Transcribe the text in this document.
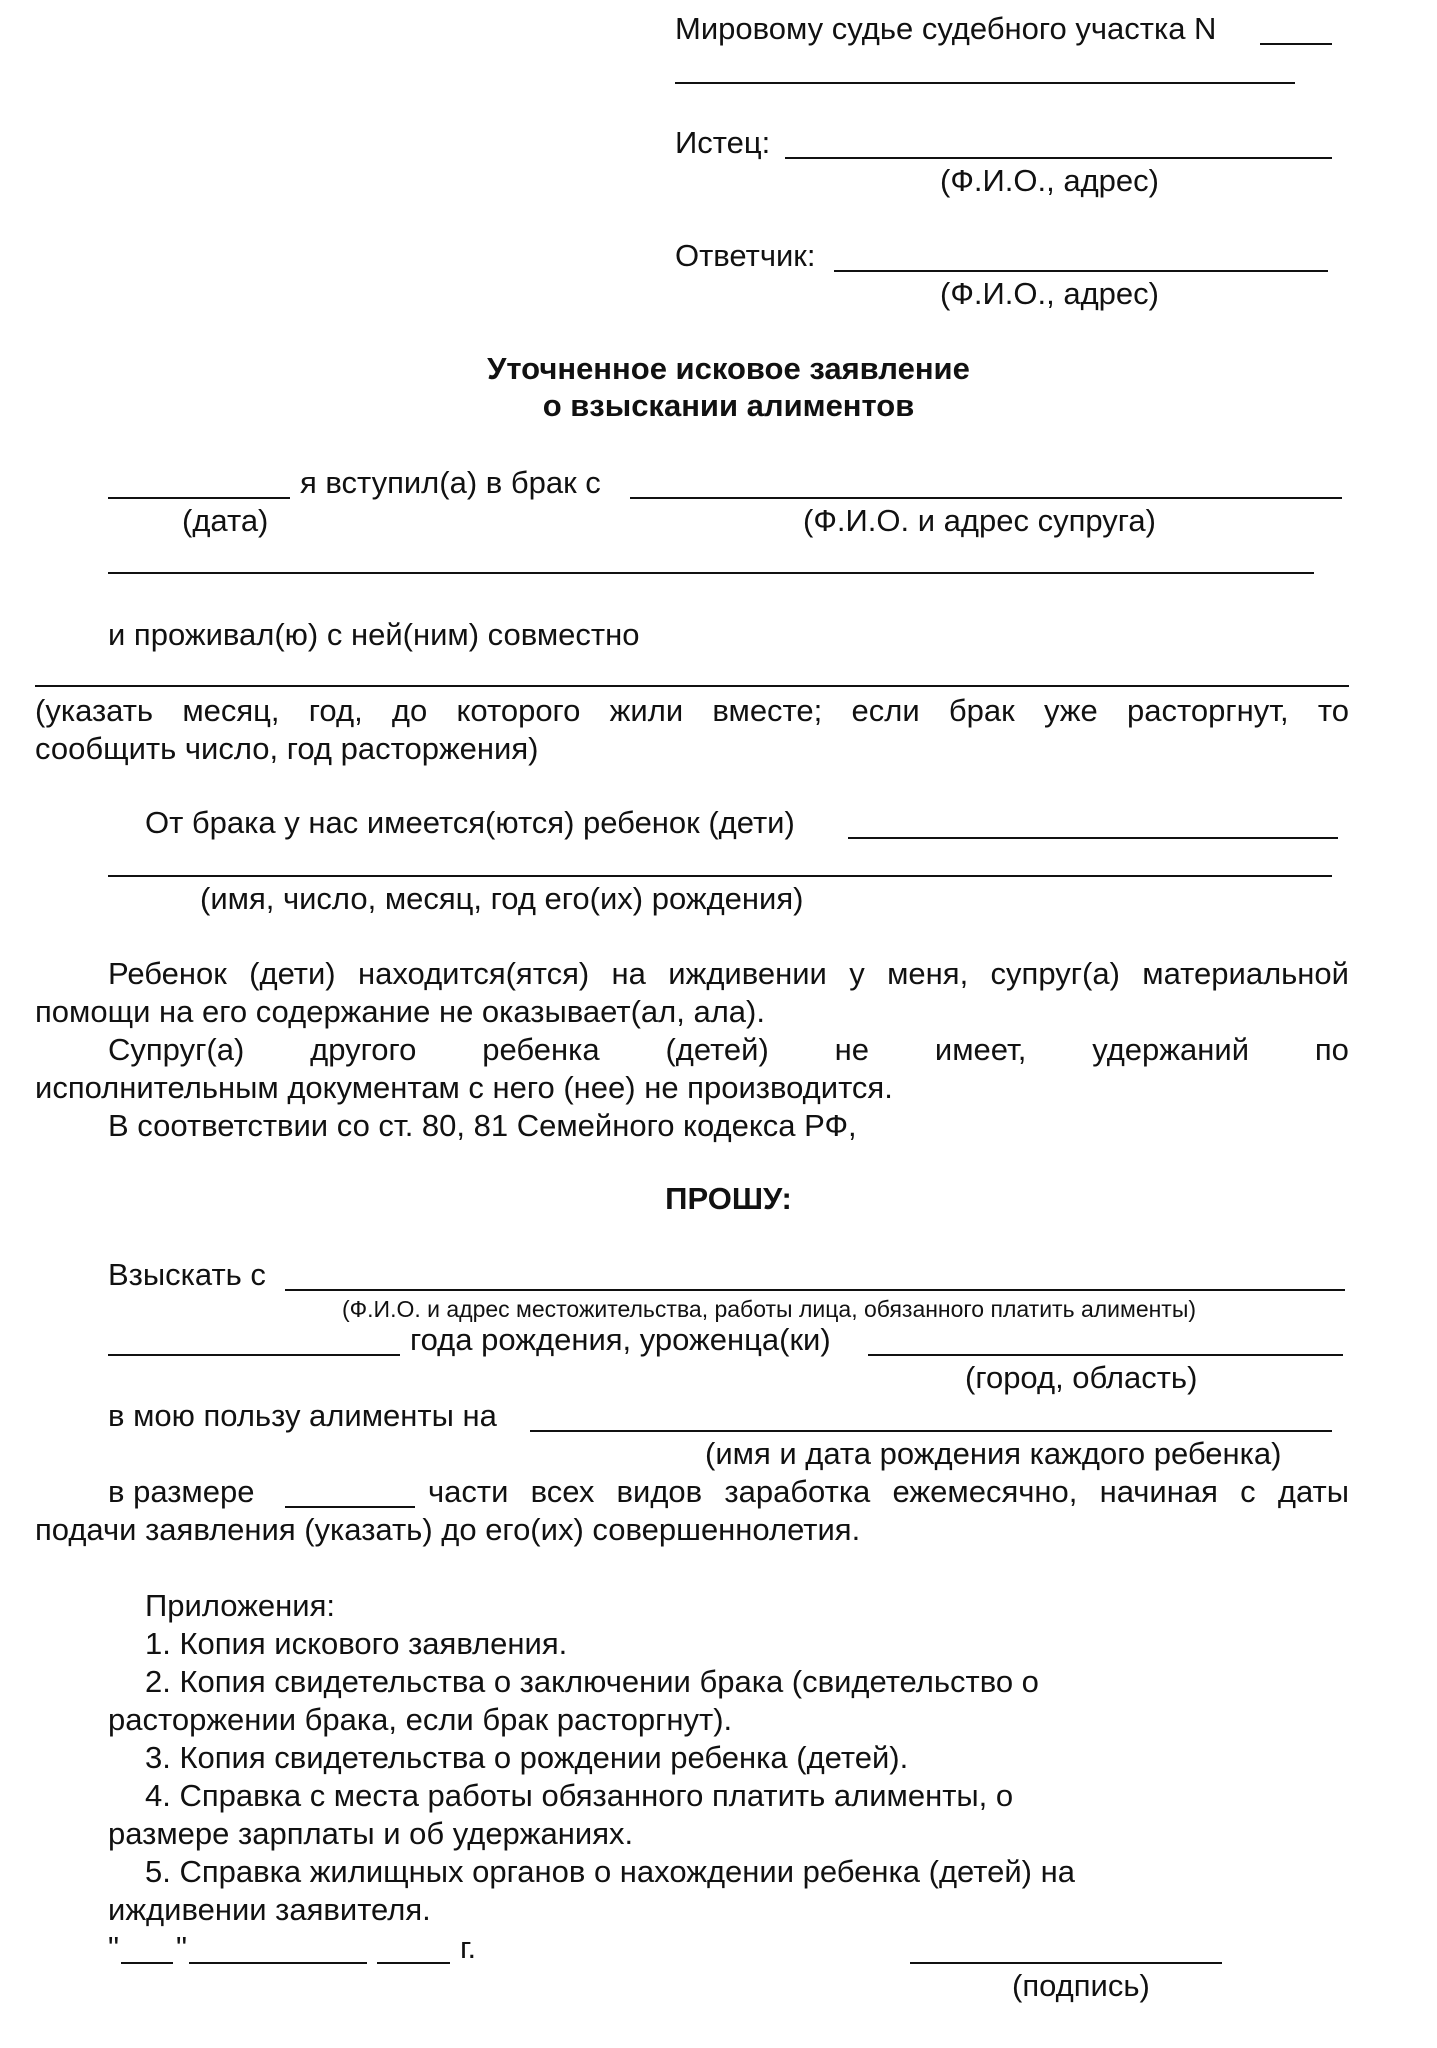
Мировому судье судебного участка N
Истец:
(Ф.И.О., адрес)
Ответчик:
(Ф.И.О., адрес)
Уточненное исковое заявление
о взыскании алиментов
я вступил(а) в брак с
(дата)	(Ф.И.О. и адрес супруга)
и проживал(ю) с ней(ним) совместно
(указать месяц, год, до которого жили вместе; если брак уже расторгнут, то
сообщить число, год расторжения)
От брака у нас имеется(ются) ребенок (дети)
(имя, число, месяц, год его(их) рождения)
Ребенок (дети) находится(ятся) на иждивении у меня, супруг(а) материальной
помощи на его содержание не оказывает(ал, ала).
Супруг(а) другого ребенка (детей) не имеет, удержаний по
исполнительным документам с него (нее) не производится.
В соответствии со ст. 80, 81 Семейного кодекса РФ,
ПРОШУ:
Взыскать с
(Ф.И.О. и адрес местожительства, работы лица, обязанного платить алименты)
года рождения, уроженца(ки)
(город, область)
в мою пользу алименты на
(имя и дата рождения каждого ребенка)
в размере	части всех видов заработка ежемесячно, начиная с даты
подачи заявления (указать) до его(их) совершеннолетия.
Приложения:
1. Копия искового заявления.
2. Копия свидетельства о заключении брака (свидетельство о
расторжении брака, если брак расторгнут).
3. Копия свидетельства о рождении ребенка (детей).
4. Справка с места работы обязанного платить алименты, о
размере зарплаты и об удержаниях.
5. Справка жилищных органов о нахождении ребенка (детей) на
иждивении заявителя.
" "	г.
(подпись)
